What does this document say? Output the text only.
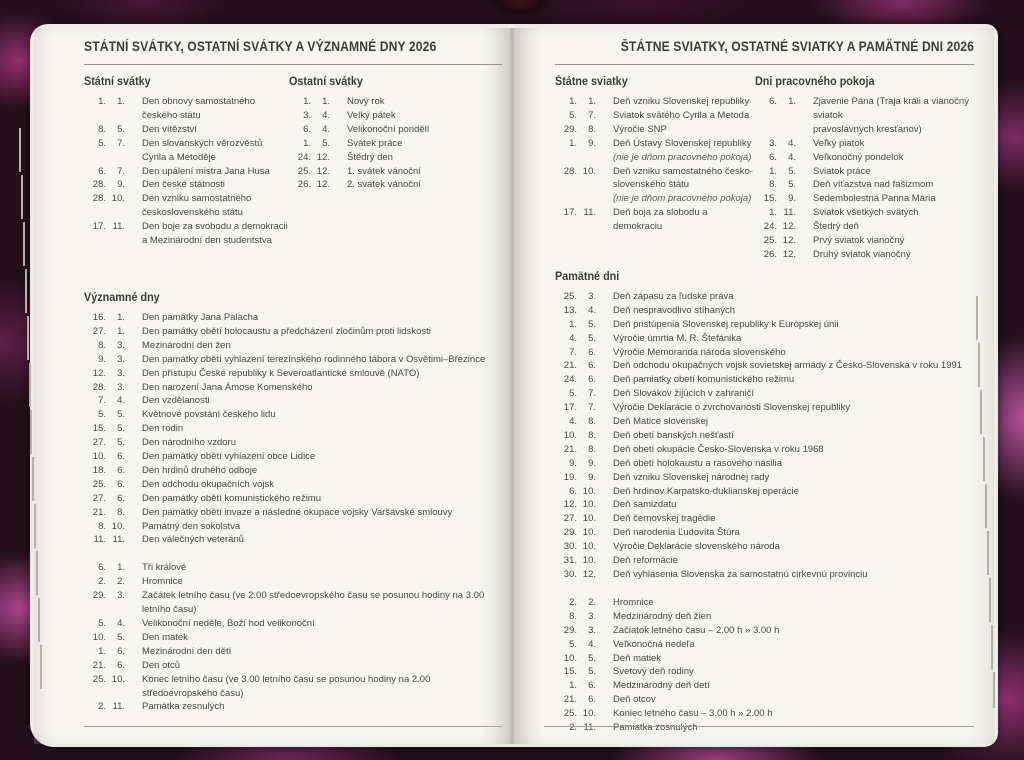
STÁTNÍ SVÁTKY, OSTATNÍ SVÁTKY A VÝZNAMNÉ DNY 2026
Státní svátky
1.	1.	Den obnovy samostatného českého státu
8.	5.	Den vítězství
5.	7.	Den slovanských věrozvěstů Cyrila a Metoděje
6.	7.	Den upálení mistra Jana Husa
28.	9.	Den české státnosti
28. 10.	Den vzniku samostatného československého státu
17. 11.	Den boje za svobodu a demokracii
a Mezinárodní den studentstva
Ostatní svátky
1.	1.	Nový rok
3.	4.	Velký pátek
6.	4.	Velikonoční pondělí
1.	5.	Svátek práce
24. 12.	Štědrý den
25. 12.	1. svátek vánoční
26. 12.	2. svátek vánoční
Významné dny
16.	1.	Den památky Jana Palacha
27.	1.	Den památky obětí holocaustu a předcházení zločinům proti lidskosti
8.	3.	Mezinárodní den žen
9.	3.	Den památky obětí vyhlazení terezínského rodinného tábora v Osvětimi–Březince
12.	3.	Den přístupu České republiky k Severoatlantické smlouvě (NATO)
28.	3.	Den narození Jana Ámose Komenského
7.	4.	Den vzdělanosti
5.	5.	Květnové povstání českého lidu
15.	5.	Den rodin
27.	5.	Den národního vzdoru
10.	6.	Den památky obětí vyhlazení obce Lidice
18.	6.	Den hrdinů druhého odboje
25.	6.	Den odchodu okupačních vojsk
27.	6.	Den památky obětí komunistického režimu
21.	8.	Den památky obětí invaze a následné okupace vojsky Varšavské smlouvy
8. 10.	Památný den sokolstva
11. 11.	Den válečných veteránů
6.	1.	Tři králové
2.	2.	Hromnice
29.	3.	Začátek letního času (ve 2.00 středoevropského času se posunou hodiny na 3.00 letního času)
5.	4.	Velikonoční neděle, Boží hod velikonoční
10.	5.	Den matek
1.	6.	Mezinárodní den dětí
21.	6.	Den otců
25. 10.	Konec letního času (ve 3.00 letního času se posunou hodiny na 2.00 středoevropského času)
2. 11.	Památka zesnulých
ŠTÁTNE SVIATKY, OSTATNÉ SVIATKY A PAMÄTNÉ DNI 2026
Štátne sviatky
1.	1.	Deň vzniku Slovenskej republiky
5.	7.	Sviatok svätého Cyrila a Metoda
29.	8.	Výročie SNP
1.	9.	Deň Ústavy Slovenskej republiky
(nie je dňom pracovného pokoja)
28. 10.	Deň vzniku samostatného česko-slovenského štátu
(nie je dňom pracovného pokoja)
17. 11.	Deň boja za slobodu a demokraciu
Dni pracovného pokoja
6.	1.	Zjavenie Pána (Traja králi a vianočný sviatok
pravoslávnych kresťanov)
3.	4.	Veľký piatok
6.	4.	Veľkonočný pondelok
1.	5.	Sviatok práce
8.	5.	Deň víťazstva nad fašizmom
15.	9.	Sedembolestná Panna Mária
1. 11.	Sviatok všetkých svätých
24. 12.	Štedrý deň
25. 12.	Prvý sviatok vianočný
26. 12.	Druhý sviatok vianočný
Pamätné dni
25.	3.	Deň zápasu za ľudské práva
13.	4.	Deň nespravodlivo stíhaných
1.	5.	Deň pristúpenia Slovenskej republiky k Európskej únii
4.	5.	Výročie úmrtia M. R. Štefánika
7.	6.	Výročie Memoranda národa slovenského
21.	6.	Deň odchodu okupačných vojsk sovietskej armády z Česko-Slovenska v roku 1991
24.	6.	Deň pamiatky obetí komunistického režimu
5.	7.	Deň Slovákov žijúcich v zahraničí
17.	7.	Výročie Deklarácie o zvrchovanosti Slovenskej republiky
4.	8.	Deň Matice slovenskej
10.	8.	Deň obetí banských nešťastí
21.	8.	Deň obetí okupácie Česko-Slovenska v roku 1968
9.	9.	Deň obetí holokaustu a rasového násilia
19.	9.	Deň vzniku Slovenskej národnej rady
6. 10.	Deň hrdinov Karpatsko-duklianskej operácie
12. 10.	Deň samizdatu
27. 10.	Deň černovskej tragédie
29. 10.	Deň narodenia Ľudovíta Štúra
30. 10.	Výročie Deklarácie slovenského národa
31. 10.	Deň reformácie
30. 12.	Deň vyhlásenia Slovenska za samostatnú cirkevnú provinciu
2.	2.	Hromnice
8.	3.	Medzinárodný deň žien
29.	3.	Začiatok letného času – 2.00 h » 3.00 h
5.	4.	Veľkonočná nedeľa
10.	5.	Deň matiek
15.	5.	Svetový deň rodiny
1.	6.	Medzinárodný deň detí
21.	6.	Deň otcov
25. 10.	Koniec letného času – 3.00 h » 2.00 h
2. 11.	Pamiatka zosnulých
